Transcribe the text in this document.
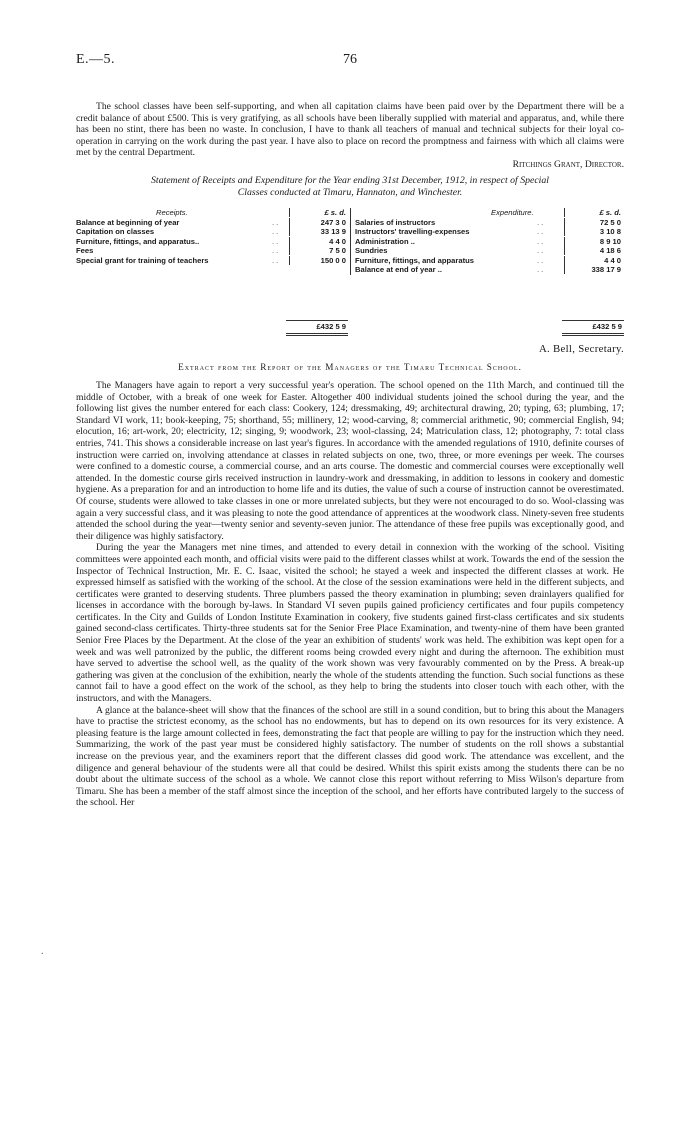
E.—5.	76

The school classes have been self-supporting, and when all capitation claims have been paid over by the Department there will be a credit balance of about £500. This is very gratifying, as all schools have been liberally supplied with material and apparatus, and, while there has been no stint, there has been no waste. In conclusion, I have to thank all teachers of manual and technical subjects for their loyal co-operation in carrying on the work during the past year. I have also to place on record the promptness and fairness with which all claims were met by the central Department.

Ritchings Grant, Director.
Statement of Receipts and Expenditure for the Year ending 31st December, 1912, in respect of Special
Classes conducted at Timaru, Hannaton, and Winchester.
Receipts.	£ s. d.
Balance at beginning of year	..	247 3 0
Capitation on classes	..	33 13 9
Furniture, fittings, and apparatus..	..	4 4 0
Fees	..	7 5 0
Special grant for training of teachers	..	150 0 0
Expenditure.	£ s. d.
Salaries of instructors	..	72 5 0
Instructors' travelling-expenses	..	3 10 8
Administration ..	..	8 9 10
Sundries	..	4 18 6
Furniture, fittings, and apparatus	..	4 4 0
Balance at end of year ..	..	338 17 9
£432 5 9	£432 5 9
A. Bell, Secretary.
Extract from the Report of the Managers of the Timaru Technical School.

The Managers have again to report a very successful year's operation. The school opened on the 11th March, and continued till the middle of October, with a break of one week for Easter. Altogether 400 individual students joined the school during the year, and the following list gives the number entered for each class: Cookery, 124; dressmaking, 49; architectural drawing, 20; typing, 63; plumbing, 17; Standard VI work, 11; book-keeping, 75; shorthand, 55; millinery, 12; wood-carving, 8; commercial arithmetic, 90; commercial English, 94; elocution, 16; art-work, 20; electricity, 12; singing, 9; woodwork, 23; wool-classing, 24; Matriculation class, 12; photography, 7: total class entries, 741. This shows a considerable increase on last year's figures. In accordance with the amended regulations of 1910, definite courses of instruction were carried on, involving attendance at classes in related subjects on one, two, three, or more evenings per week. The courses were confined to a domestic course, a commercial course, and an arts course. The domestic and commercial courses were exceptionally well attended. In the domestic course girls received instruction in laundry-work and dressmaking, in addition to lessons in cookery and domestic hygiene. As a preparation for and an introduction to home life and its duties, the value of such a course of instruction cannot be overestimated. Of course, students were allowed to take classes in one or more unrelated subjects, but they were not encouraged to do so. Wool-classing was again a very successful class, and it was pleasing to note the good attendance of apprentices at the woodwork class. Ninety-seven free students attended the school during the year—twenty senior and seventy-seven junior. The attendance of these free pupils was exceptionally good, and their diligence was highly satisfactory.

During the year the Managers met nine times, and attended to every detail in connexion with the working of the school. Visiting committees were appointed each month, and official visits were paid to the different classes whilst at work. Towards the end of the session the Inspector of Technical Instruction, Mr. E. C. Isaac, visited the school; he stayed a week and inspected the different classes at work. He expressed himself as satisfied with the working of the school. At the close of the session examinations were held in the different subjects, and certificates were granted to deserving students. Three plumbers passed the theory examination in plumbing; seven drainlayers qualified for licenses in accordance with the borough by-laws. In Standard VI seven pupils gained proficiency certificates and four pupils competency certificates. In the City and Guilds of London Institute Examination in cookery, five students gained first-class certificates and six students gained second-class certificates. Thirty-three students sat for the Senior Free Place Examination, and twenty-nine of them have been granted Senior Free Places by the Department. At the close of the year an exhibition of students' work was held. The exhibition was kept open for a week and was well patronized by the public, the different rooms being crowded every night and during the afternoon. The exhibition must have served to advertise the school well, as the quality of the work shown was very favourably commented on by the Press. A break-up gathering was given at the conclusion of the exhibition, nearly the whole of the students attending the function. Such social functions as these cannot fail to have a good effect on the work of the school, as they help to bring the students into closer touch with each other, with the instructors, and with the Managers.

A glance at the balance-sheet will show that the finances of the school are still in a sound condition, but to bring this about the Managers have to practise the strictest economy, as the school has no endowments, but has to depend on its own resources for its very existence. A pleasing feature is the large amount collected in fees, demonstrating the fact that people are willing to pay for the instruction which they need. Summarizing, the work of the past year must be considered highly satisfactory. The number of students on the roll shows a substantial increase on the previous year, and the examiners report that the different classes did good work. The attendance was excellent, and the diligence and general behaviour of the students were all that could be desired. Whilst this spirit exists among the students there can be no doubt about the ultimate success of the school as a whole. We cannot close this report without referring to Miss Wilson's departure from Timaru. She has been a member of the staff almost since the inception of the school, and her efforts have contributed largely to the success of the school. Her

.
